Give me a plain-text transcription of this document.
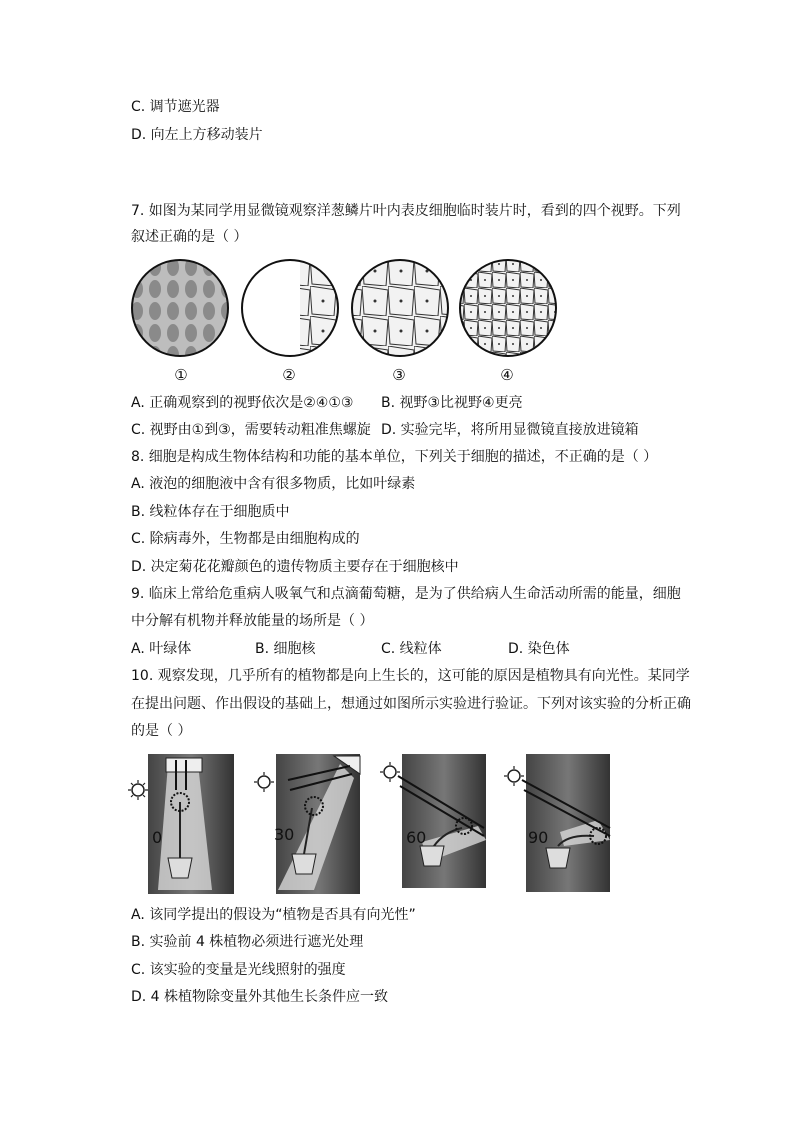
C. 调节遮光器
D. 向左上方移动装片
7. 如图为某同学用显微镜观察洋葱鳞片叶内表皮细胞临时装片时，看到的四个视野。下列
叙述正确的是（ ）
①	②	③	④
A. 正确观察到的视野依次是②④①③ B. 视野③比视野④更亮
C. 视野由①到③，需要转动粗准焦螺旋 D. 实验完毕，将所用显微镜直接放进镜箱
8. 细胞是构成生物体结构和功能的基本单位，下列关于细胞的描述，不正确的是（ ）
A. 液泡的细胞液中含有很多物质，比如叶绿素
B. 线粒体存在于细胞质中
C. 除病毒外，生物都是由细胞构成的
D. 决定菊花花瓣颜色的遗传物质主要存在于细胞核中
9. 临床上常给危重病人吸氧气和点滴葡萄糖，是为了供给病人生命活动所需的能量，细胞
中分解有机物并释放能量的场所是（ ）
A. 叶绿体	B. 细胞核	C. 线粒体	D. 染色体
10. 观察发现，几乎所有的植物都是向上生长的，这可能的原因是植物具有向光性。某同学
在提出问题、作出假设的基础上，想通过如图所示实验进行验证。下列对该实验的分析正确
的是（ ）
0	30	60	90
A. 该同学提出的假设为“植物是否具有向光性”
B. 实验前 4 株植物必须进行遮光处理
C. 该实验的变量是光线照射的强度
D. 4 株植物除变量外其他生长条件应一致
